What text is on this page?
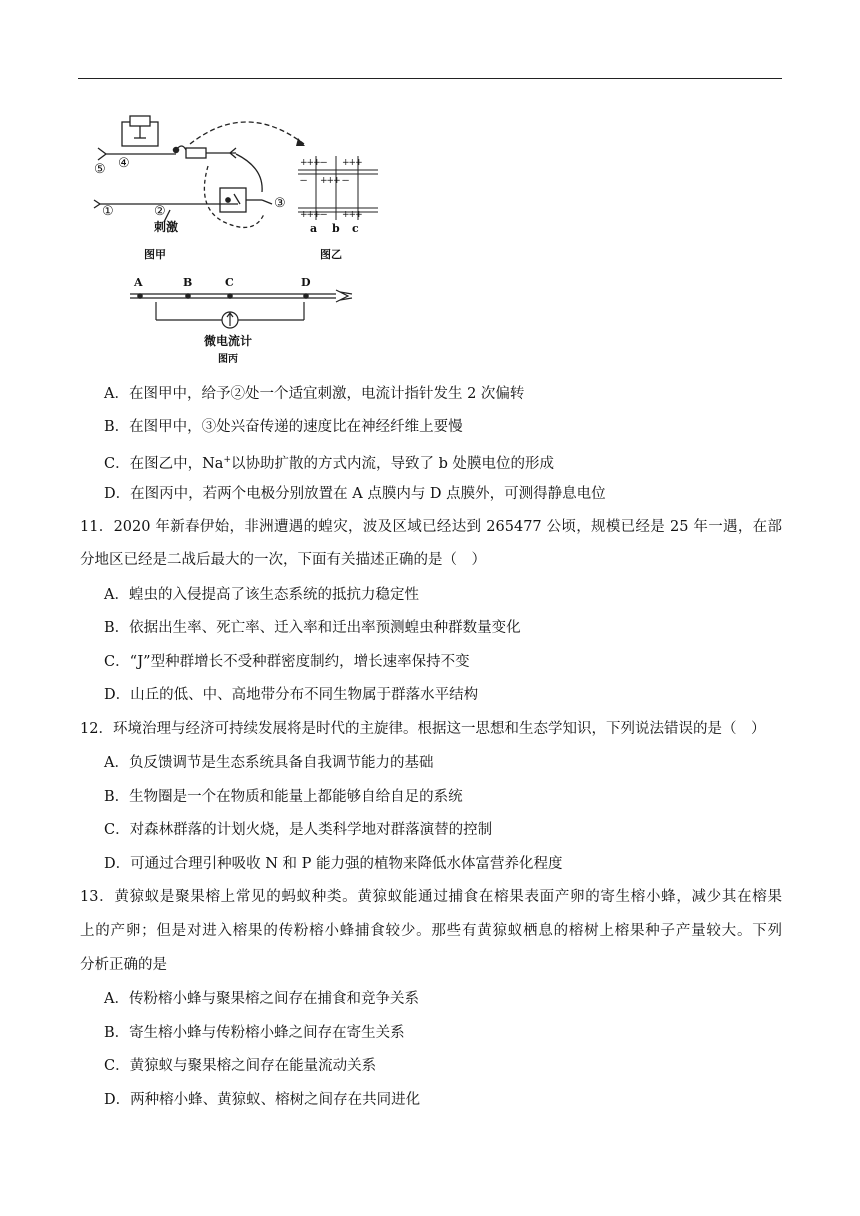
⑤ ④
①	②
③
刺激
图甲
+++ --- +++
--- +++ ---
+++ --- +++
a b c
图乙
A	B	C	D
微电流计
图丙
A．在图甲中，给予②处一个适宜刺激，电流计指针发生 2 次偏转
B．在图甲中，③处兴奋传递的速度比在神经纤维上要慢
C．在图乙中，Na+以协助扩散的方式内流，导致了 b 处膜电位的形成
D．在图丙中，若两个电极分别放置在 A 点膜内与 D 点膜外，可测得静息电位
11．2020 年新春伊始，非洲遭遇的蝗灾，波及区域已经达到 265477 公顷，规模已经是 25 年一遇，在部
分地区已经是二战后最大的一次，下面有关描述正确的是（　）
A．蝗虫的入侵提高了该生态系统的抵抗力稳定性
B．依据出生率、死亡率、迁入率和迁出率预测蝗虫种群数量变化
C．“J”型种群增长不受种群密度制约，增长速率保持不变
D．山丘的低、中、高地带分布不同生物属于群落水平结构
12．环境治理与经济可持续发展将是时代的主旋律。根据这一思想和生态学知识，下列说法错误的是（　）
A．负反馈调节是生态系统具备自我调节能力的基础
B．生物圈是一个在物质和能量上都能够自给自足的系统
C．对森林群落的计划火烧，是人类科学地对群落演替的控制
D．可通过合理引种吸收 N 和 P 能力强的植物来降低水体富营养化程度
13．黄猄蚁是聚果榕上常见的蚂蚁种类。黄猄蚁能通过捕食在榕果表面产卵的寄生榕小蜂，减少其在榕果
上的产卵；但是对进入榕果的传粉榕小蜂捕食较少。那些有黄猄蚁栖息的榕树上榕果种子产量较大。下列
分析正确的是
A．传粉榕小蜂与聚果榕之间存在捕食和竞争关系
B．寄生榕小蜂与传粉榕小蜂之间存在寄生关系
C．黄猄蚁与聚果榕之间存在能量流动关系
D．两种榕小蜂、黄猄蚁、榕树之间存在共同进化
